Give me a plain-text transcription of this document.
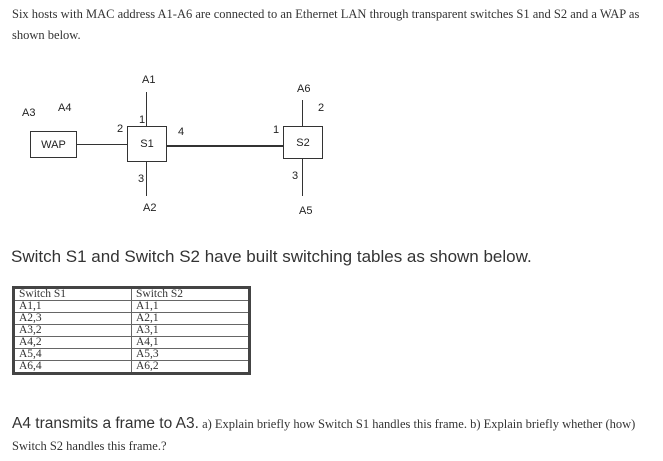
Six hosts with MAC address A1-A6 are connected to an Ethernet LAN through transparent switches S1 and S2 and a WAP as shown below.
WAP	S1	S2
A1
A2
A3 A4
A5
A6
1
2
3
4	1
2
3
Switch S1 and Switch S2 have built switching tables as shown below.
Switch S1	Switch S2
A1,1	A1,1
A2,3	A2,1
A3,2	A3,1
A4,2	A4,1
A5,4	A5,3
A6,4	A6,2
A4 transmits a frame to A3. a) Explain briefly how Switch S1 handles this frame. b) Explain briefly whether (how) Switch S2 handles this frame.?
